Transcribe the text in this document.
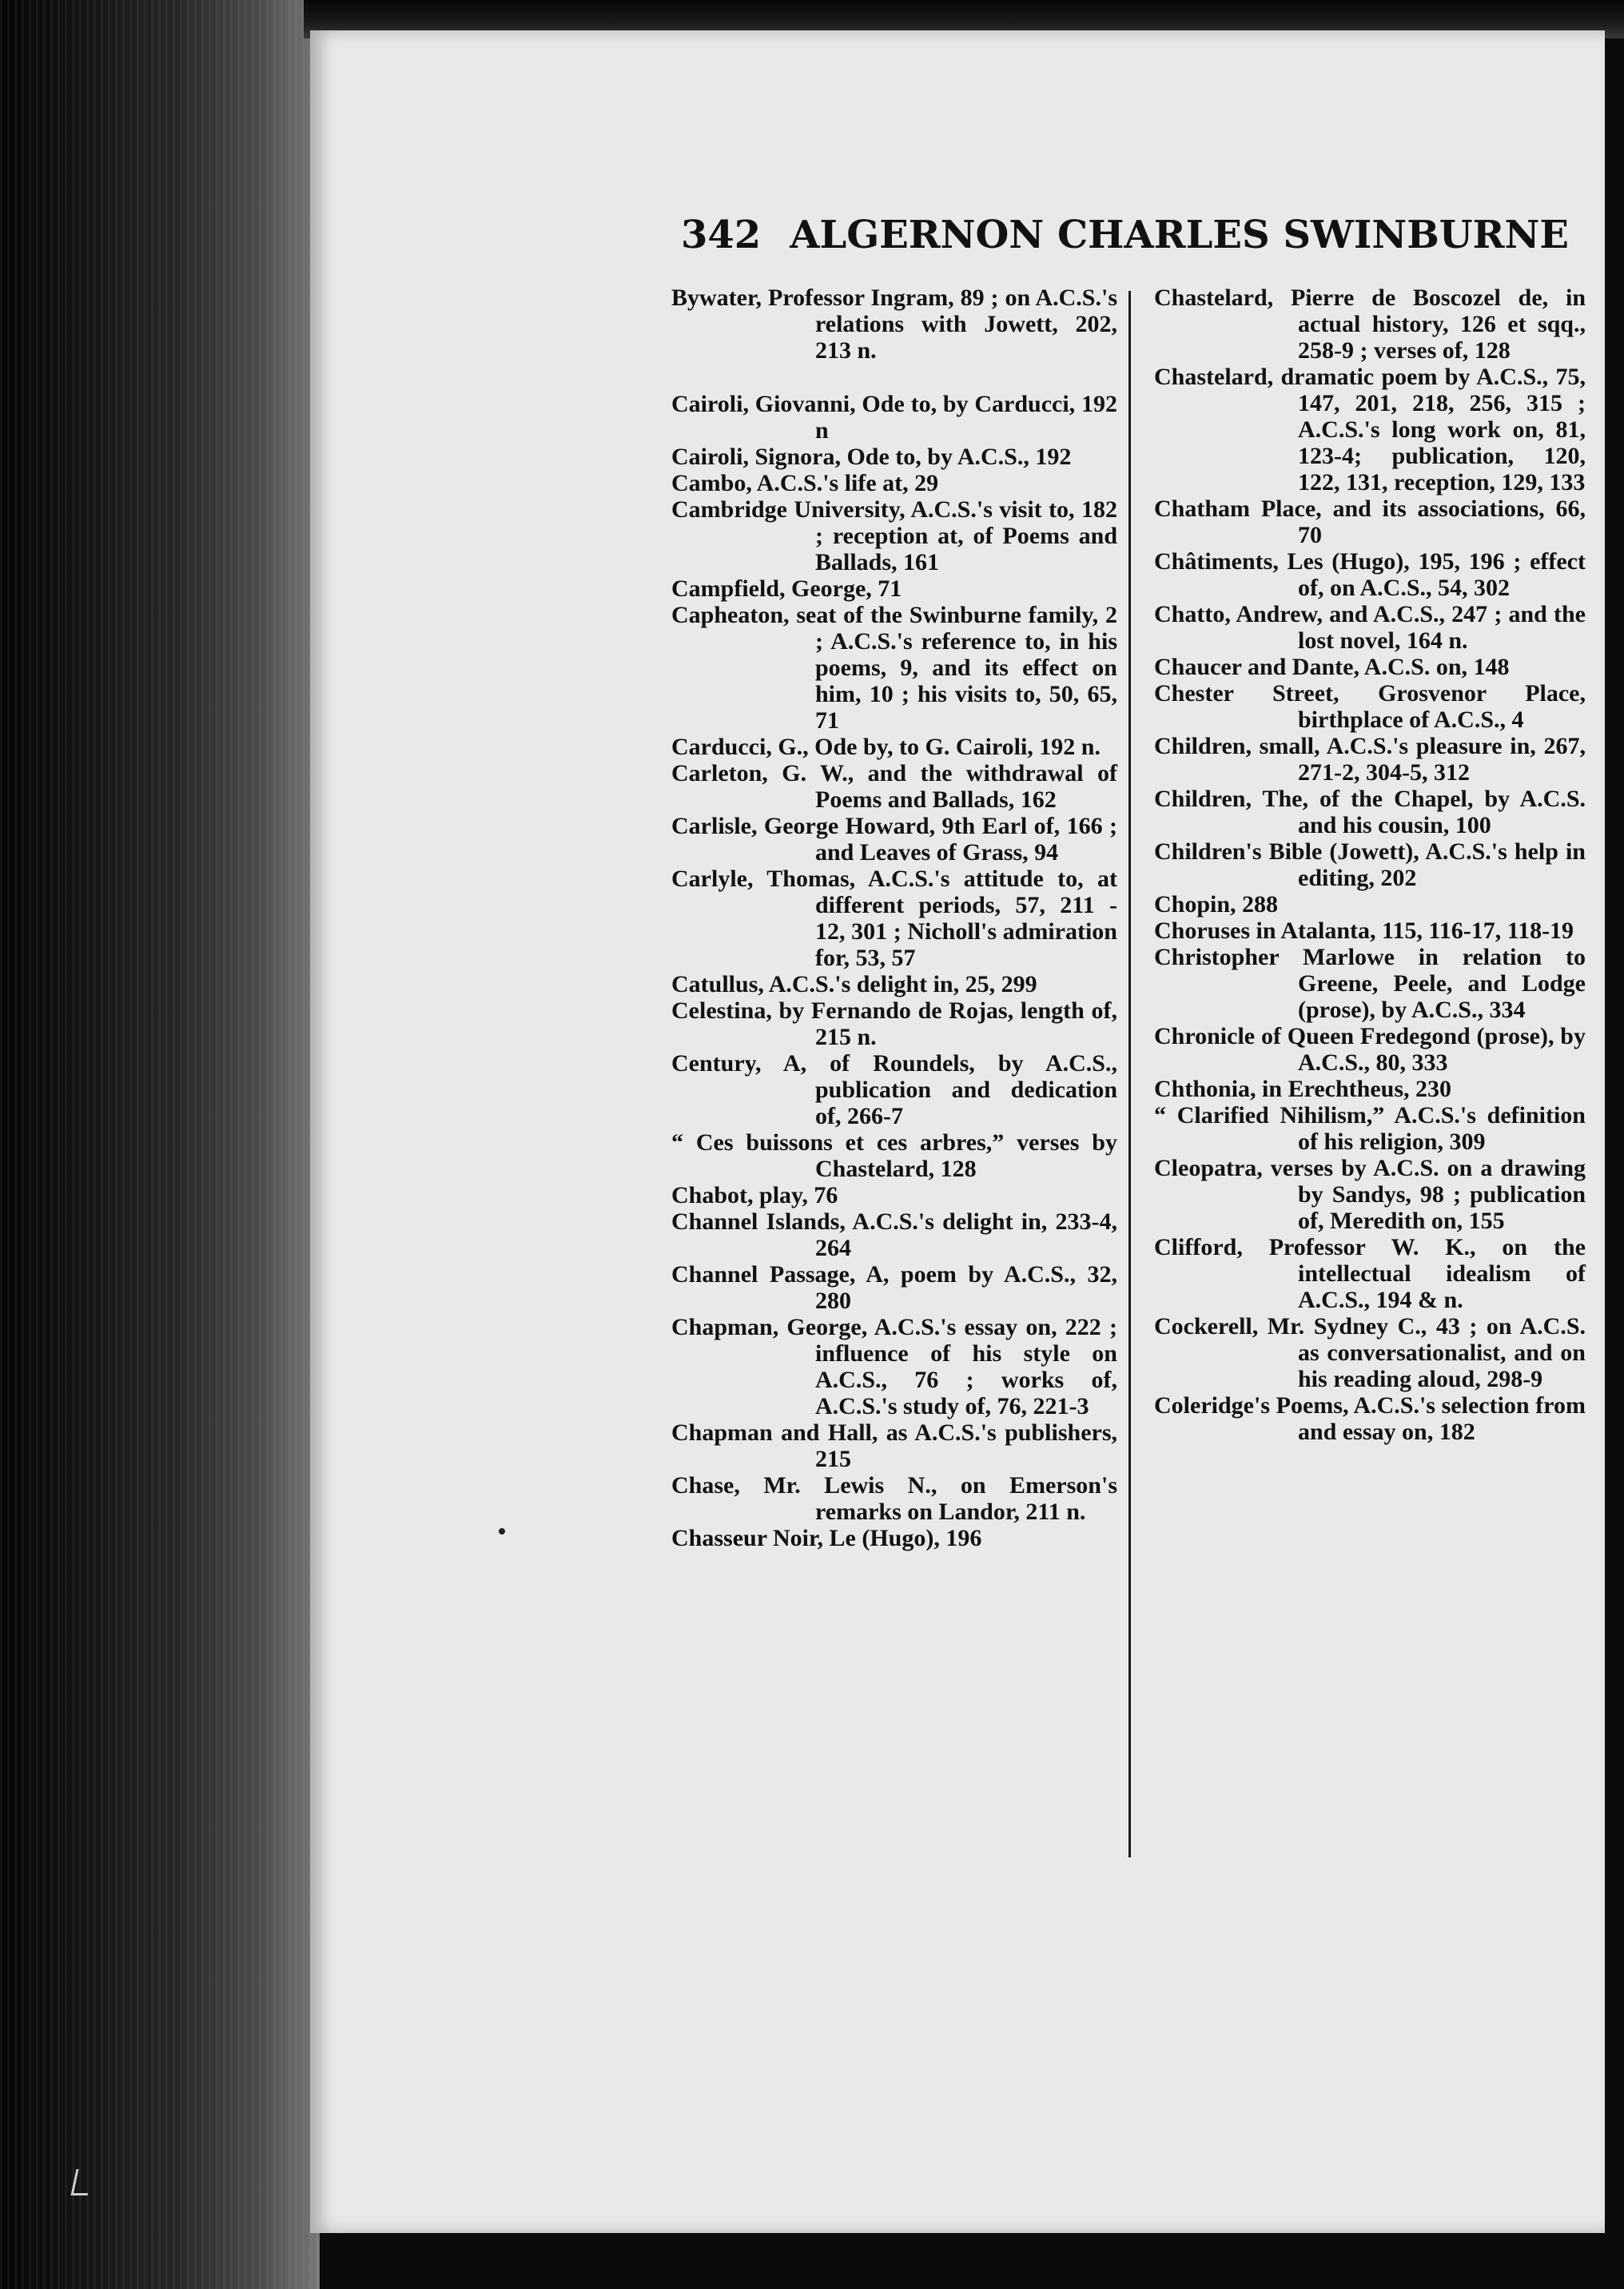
342 ALGERNON CHARLES SWINBURNE
Bywater, Professor Ingram, 89 ; on A.C.S.'s relations with Jowett, 202, 213 n.
Cairoli, Giovanni, Ode to, by Carducci, 192 n
Cairoli, Signora, Ode to, by A.C.S., 192
Cambo, A.C.S.'s life at, 29
Cambridge University, A.C.S.'s visit to, 182 ; reception at, of Poems and Ballads, 161
Campfield, George, 71
Capheaton, seat of the Swinburne family, 2 ; A.C.S.'s reference to, in his poems, 9, and its effect on him, 10 ; his visits to, 50, 65, 71
Carducci, G., Ode by, to G. Cairoli, 192 n.
Carleton, G. W., and the withdrawal of Poems and Ballads, 162
Carlisle, George Howard, 9th Earl of, 166 ; and Leaves of Grass, 94
Carlyle, Thomas, A.C.S.'s attitude to, at different periods, 57, 211 - 12, 301 ; Nicholl's admiration for, 53, 57
Catullus, A.C.S.'s delight in, 25, 299
Celestina, by Fernando de Rojas, length of, 215 n.
Century, A, of Roundels, by A.C.S., publication and dedication of, 266-7
“ Ces buissons et ces arbres,” verses by Chastelard, 128
Chabot, play, 76
Channel Islands, A.C.S.'s delight in, 233-4, 264
Channel Passage, A, poem by A.C.S., 32, 280
Chapman, George, A.C.S.'s essay on, 222 ; influence of his style on A.C.S., 76 ; works of, A.C.S.'s study of, 76, 221-3
Chapman and Hall, as A.C.S.'s publishers, 215
Chase, Mr. Lewis N., on Emerson's remarks on Landor, 211 n.
Chasseur Noir, Le (Hugo), 196
Chastelard, Pierre de Boscozel de, in actual history, 126 et sqq., 258-9 ; verses of, 128
Chastelard, dramatic poem by A.C.S., 75, 147, 201, 218, 256, 315 ; A.C.S.'s long work on, 81, 123-4; publication, 120, 122, 131, reception, 129, 133
Chatham Place, and its associations, 66, 70
Châtiments, Les (Hugo), 195, 196 ; effect of, on A.C.S., 54, 302
Chatto, Andrew, and A.C.S., 247 ; and the lost novel, 164 n.
Chaucer and Dante, A.C.S. on, 148
Chester Street, Grosvenor Place, birthplace of A.C.S., 4
Children, small, A.C.S.'s pleasure in, 267, 271-2, 304-5, 312
Children, The, of the Chapel, by A.C.S. and his cousin, 100
Children's Bible (Jowett), A.C.S.'s help in editing, 202
Chopin, 288
Choruses in Atalanta, 115, 116-17, 118-19
Christopher Marlowe in relation to Greene, Peele, and Lodge (prose), by A.C.S., 334
Chronicle of Queen Fredegond (prose), by A.C.S., 80, 333
Chthonia, in Erechtheus, 230
“ Clarified Nihilism,” A.C.S.'s definition of his religion, 309
Cleopatra, verses by A.C.S. on a drawing by Sandys, 98 ; publication of, Meredith on, 155
Clifford, Professor W. K., on the intellectual idealism of A.C.S., 194 & n.
Cockerell, Mr. Sydney C., 43 ; on A.C.S. as conversationalist, and on his reading aloud, 298-9
Coleridge's Poems, A.C.S.'s selection from and essay on, 182
